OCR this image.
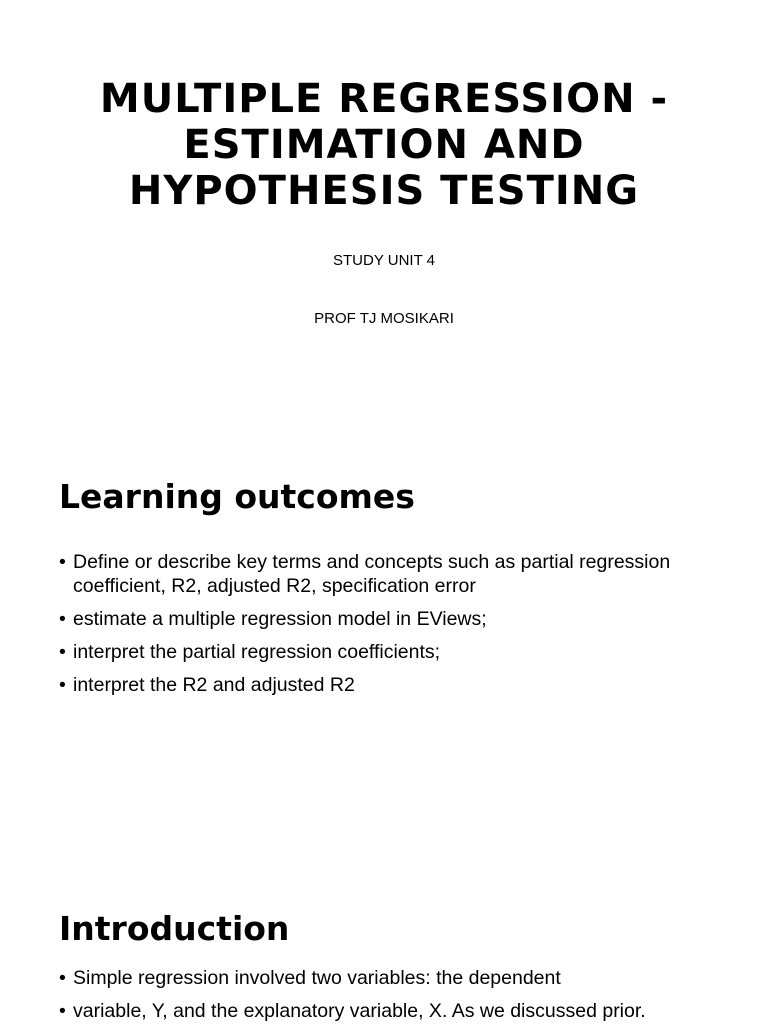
MULTIPLE REGRESSION - ESTIMATION AND HYPOTHESIS TESTING

STUDY UNIT 4

PROF TJ MOSIKARI

Learning outcomes
• Define or describe key terms and concepts such as partial regression coefficient, R2, adjusted R2, specification error
• estimate a multiple regression model in EViews;
• interpret the partial regression coefficients;
• interpret the R2 and adjusted R2
Introduction
• Simple regression involved two variables: the dependent
• variable, Y, and the explanatory variable, X. As we discussed prior.
